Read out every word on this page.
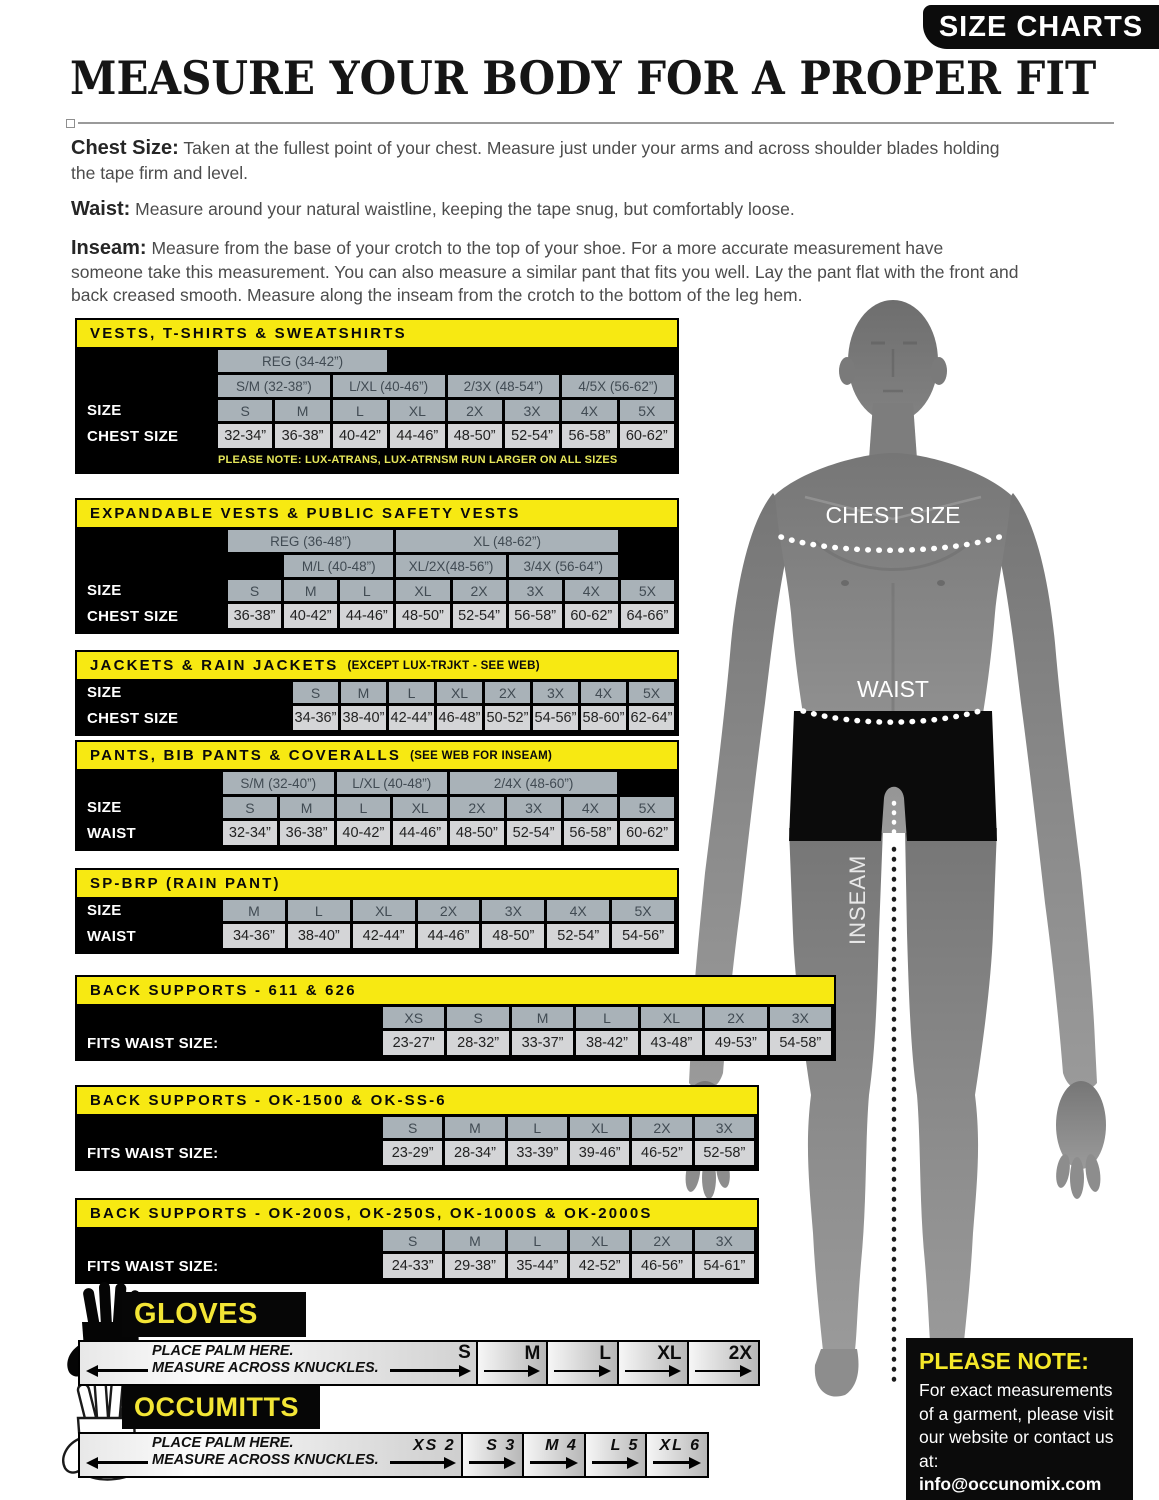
SIZE CHARTS
MEASURE YOUR BODY FOR A PROPER FIT

Chest Size: Taken at the fullest point of your chest. Measure just under your arms and across shoulder blades holding the tape firm and level.

Waist: Measure around your natural waistline, keeping the tape snug, but comfortably loose.

Inseam: Measure from the base of your crotch to the top of your shoe. For a more accurate measurement have someone take this measurement. You can also measure a similar pant that fits you well. Lay the pant flat with the front and back creased smooth. Measure along the inseam from the crotch to the bottom of the leg hem.

CHEST SIZE
WAIST
INSEAM
VESTS, T-SHIRTS & SWEATSHIRTS
REG (34-42”)
S/M (32-38”)	L/XL (40-46”)	2/3X (48-54”)	4/5X (56-62”)
SIZE	S	M	L	XL	2X	3X	4X	5X
CHEST SIZE	32-34”	36-38”	40-42”	44-46”	48-50”	52-54”	56-58”	60-62”
PLEASE NOTE: LUX-ATRANS, LUX-ATRNSM RUN LARGER ON ALL SIZES
EXPANDABLE VESTS & PUBLIC SAFETY VESTS
REG (36-48”)	XL (48-62”)
M/L (40-48”)	XL/2X(48-56”)	3/4X (56-64”)
SIZE	S	M	L	XL	2X	3X	4X	5X
CHEST SIZE	36-38” 40-42” 44-46” 48-50” 52-54” 56-58” 60-62” 64-66”
JACKETS & RAIN JACKETS (EXCEPT LUX-TRJKT - SEE WEB)
SIZE	S	M	L	XL	2X	3X	4X	5X
CHEST SIZE	34-36” 38-40” 42-44” 46-48” 50-52” 54-56” 58-60” 62-64”
PANTS, BIB PANTS & COVERALLS (SEE WEB FOR INSEAM)
S/M (32-40”)	L/XL (40-48”)	2/4X (48-60”)
SIZE	S	M	L	XL	2X	3X	4X	5X
WAIST	32-34”	36-38”	40-42”	44-46”	48-50”	52-54”	56-58”	60-62”
SP-BRP (RAIN PANT)
SIZE	M	L	XL	2X	3X	4X	5X
WAIST	34-36”	38-40”	42-44”	44-46”	48-50”	52-54”	54-56”
BACK SUPPORTS - 611 & 626
XS	S	M	L	XL	2X	3X
FITS WAIST SIZE:	23-27"	28-32”	33-37”	38-42”	43-48”	49-53”	54-58”
BACK SUPPORTS - OK-1500 & OK-SS-6
S	M	L	XL	2X	3X
FITS WAIST SIZE:	23-29”	28-34”	33-39”	39-46”	46-52”	52-58”
BACK SUPPORTS - OK-200S, OK-250S, OK-1000S & OK-2000S
S	M	L	XL	2X	3X
FITS WAIST SIZE:	24-33”	29-38”	35-44”	42-52”	46-56”	54-61”
GLOVES
PLACE PALM HERE.
MEASURE ACROSS KNUCKLES.
S	M	L XL 2X
OCCUMITTS
PLACE PALM HERE.
MEASURE ACROSS KNUCKLES.
XS 2 S 3 M 4 L 5 XL 6
PLEASE NOTE:
For exact measurements of a garment, please visit our website or contact us at:
info@occunomix.com
